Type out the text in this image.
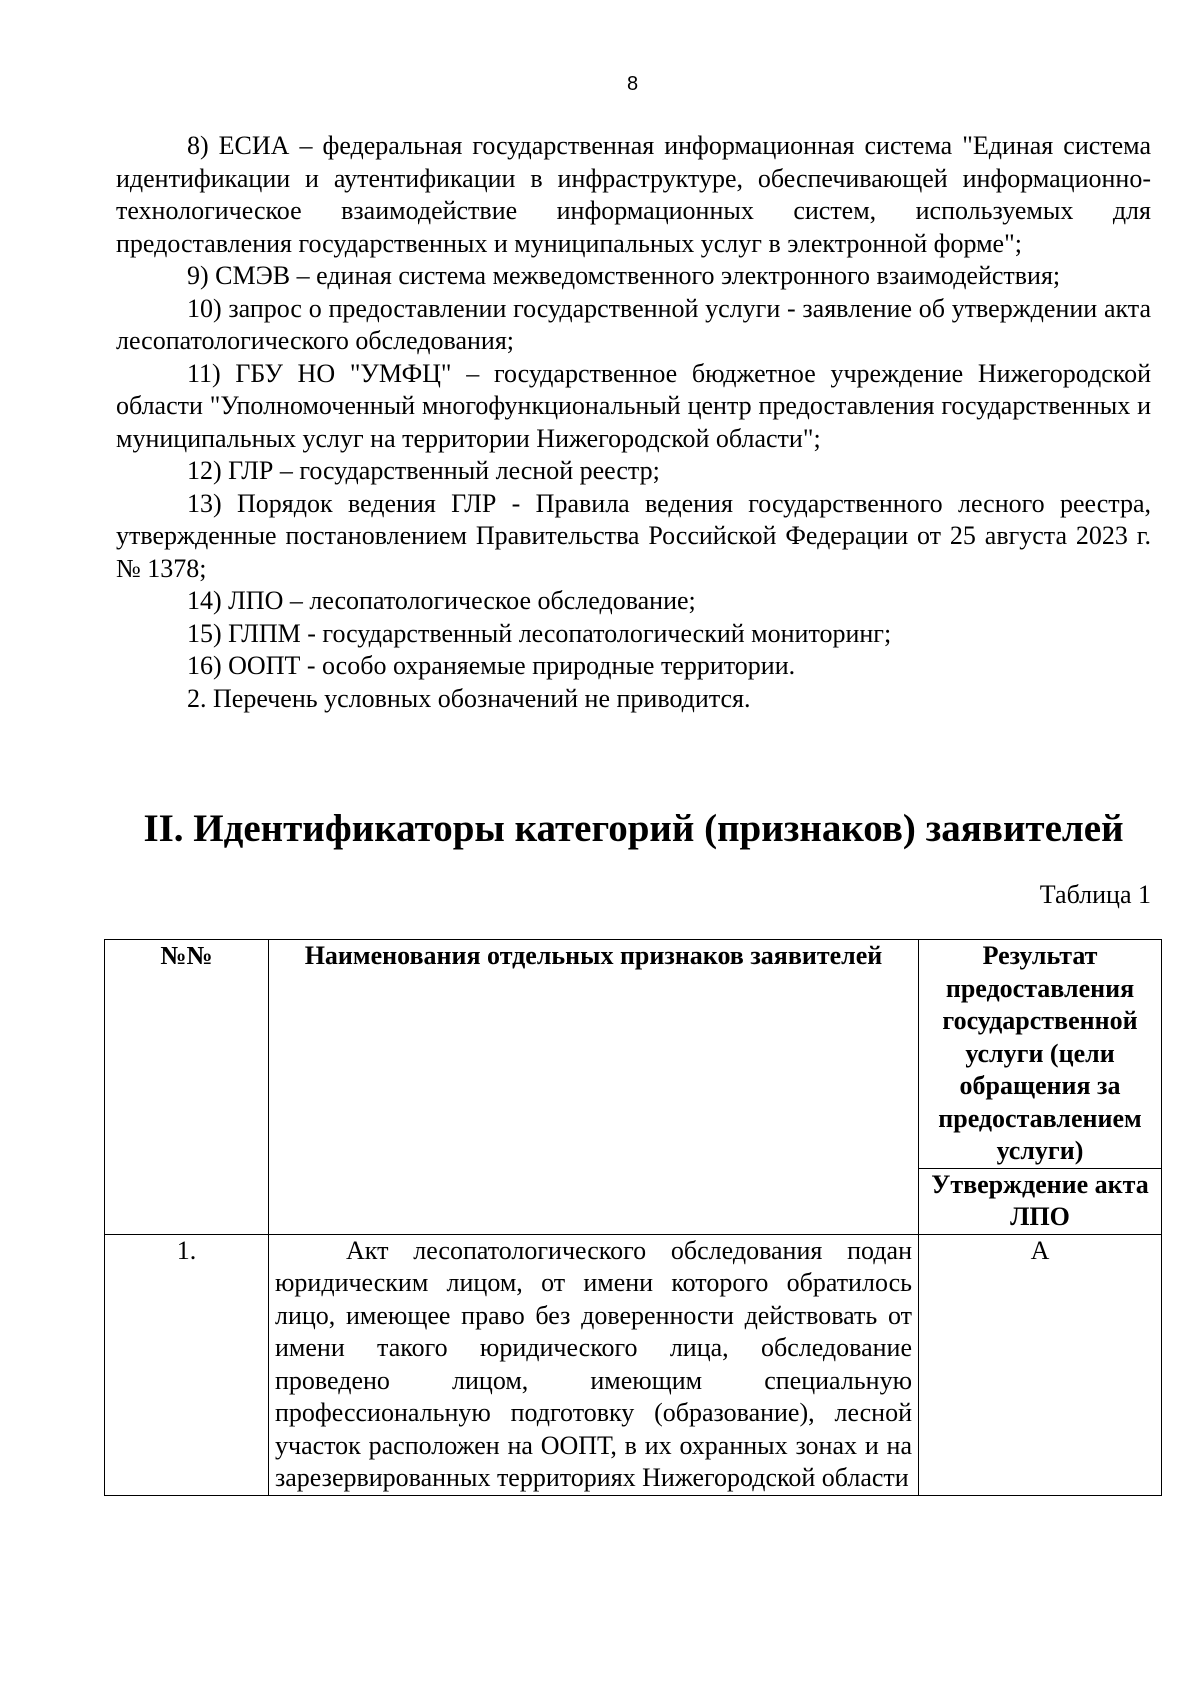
8

8) ЕСИА – федеральная государственная информационная система "Единая система идентификации и аутентификации в инфраструктуре, обеспечивающей информационно-технологическое взаимодействие информационных систем, используемых для предоставления государственных и муниципальных услуг в электронной форме";

9) СМЭВ – единая система межведомственного электронного взаимодействия;

10) запрос о предоставлении государственной услуги - заявление об утверждении акта лесопатологического обследования;

11) ГБУ НО "УМФЦ" – государственное бюджетное учреждение Нижегородской области "Уполномоченный многофункциональный центр предоставления государственных и муниципальных услуг на территории Нижегородской области";

12) ГЛР – государственный лесной реестр;

13) Порядок ведения ГЛР - Правила ведения государственного лесного реестра, утвержденные постановлением Правительства Российской Федерации от 25 августа 2023 г. № 1378;

14) ЛПО – лесопатологическое обследование;

15) ГЛПМ - государственный лесопатологический мониторинг;

16) ООПТ - особо охраняемые природные территории.

2. Перечень условных обозначений не приводится.

II. Идентификаторы категорий (признаков) заявителей

Таблица 1

№№	Наименования отдельных признаков заявителей	Результат предоставления государственной услуги (цели обращения за предоставлением услуги)
		Утверждение акта ЛПО
1.	Акт лесопатологического обследования подан юридическим лицом, от имени которого обратилось лицо, имеющее право без доверенности действовать от имени такого юридического лица, обследование проведено лицом, имеющим специальную профессиональную подготовку (образование), лесной участок расположен на ООПТ, в их охранных зонах и на зарезервированных территориях Нижегородской области	А
